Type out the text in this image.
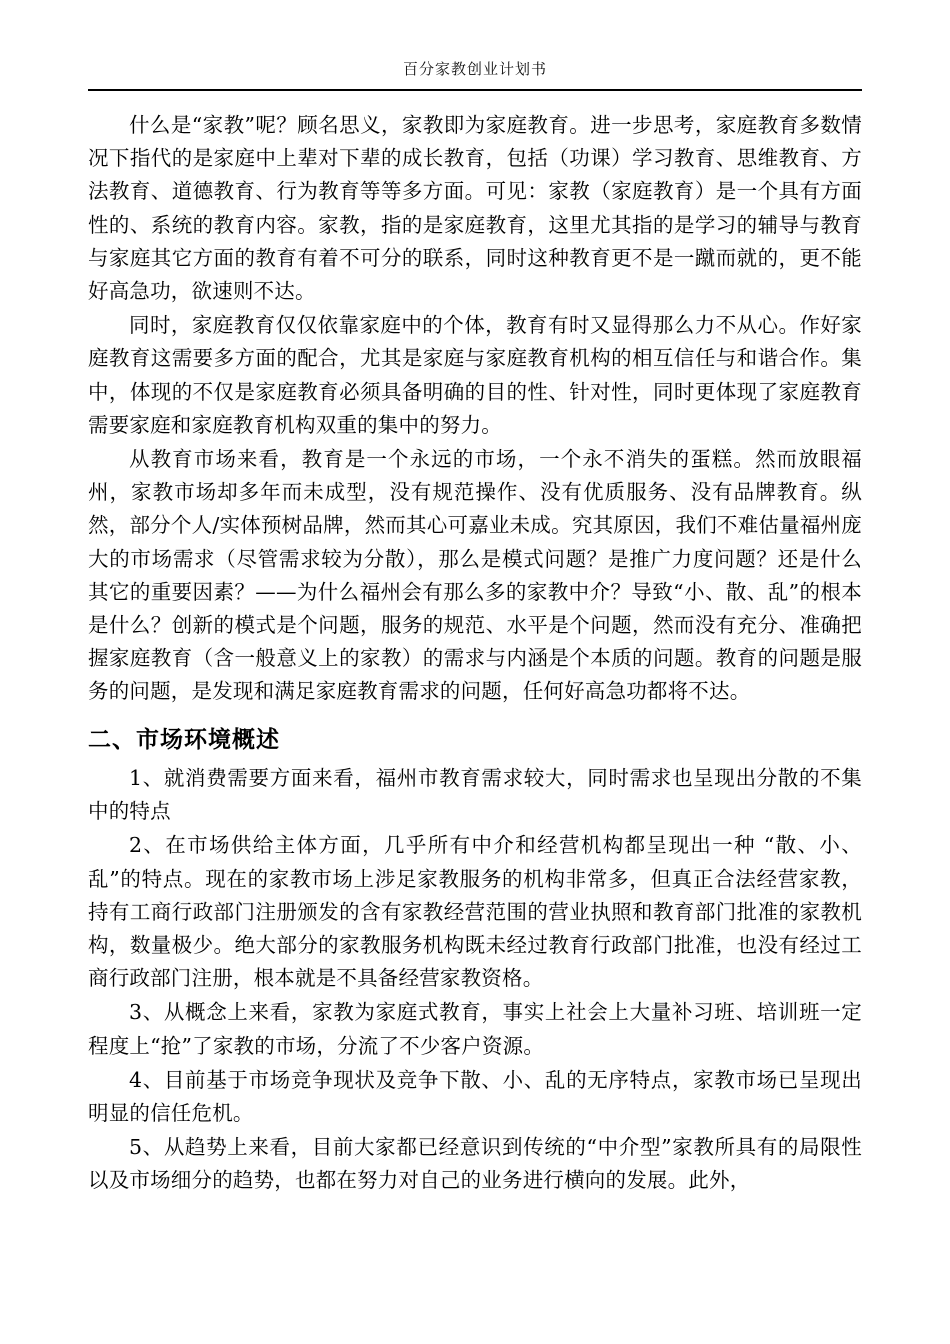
百分家教创业计划书

什么是“家教”呢？顾名思义，家教即为家庭教育。进一步思考，家庭教育多数情况下指代的是家庭中上辈对下辈的成长教育，包括（功课）学习教育、思维教育、方法教育、道德教育、行为教育等等多方面。可见：家教（家庭教育）是一个具有方面性的、系统的教育内容。家教，指的是家庭教育，这里尤其指的是学习的辅导与教育与家庭其它方面的教育有着不可分的联系，同时这种教育更不是一蹴而就的，更不能好高急功，欲速则不达。

同时，家庭教育仅仅依靠家庭中的个体，教育有时又显得那么力不从心。作好家庭教育这需要多方面的配合，尤其是家庭与家庭教育机构的相互信任与和谐合作。集中，体现的不仅是家庭教育必须具备明确的目的性、针对性，同时更体现了家庭教育需要家庭和家庭教育机构双重的集中的努力。

从教育市场来看，教育是一个永远的市场，一个永不消失的蛋糕。然而放眼福州，家教市场却多年而未成型，没有规范操作、没有优质服务、没有品牌教育。纵然，部分个人/实体预树品牌，然而其心可嘉业未成。究其原因，我们不难估量福州庞大的市场需求（尽管需求较为分散），那么是模式问题？是推广力度问题？还是什么其它的重要因素？——为什么福州会有那么多的家教中介？导致“小、散、乱”的根本是什么？创新的模式是个问题，服务的规范、水平是个问题，然而没有充分、准确把握家庭教育（含一般意义上的家教）的需求与内涵是个本质的问题。教育的问题是服务的问题，是发现和满足家庭教育需求的问题，任何好高急功都将不达。

二、市场环境概述

1、就消费需要方面来看，福州市教育需求较大，同时需求也呈现出分散的不集中的特点

2、在市场供给主体方面，几乎所有中介和经营机构都呈现出一种 “散、小、乱”的特点。现在的家教市场上涉足家教服务的机构非常多，但真正合法经营家教，持有工商行政部门注册颁发的含有家教经营范围的营业执照和教育部门批准的家教机构，数量极少。绝大部分的家教服务机构既未经过教育行政部门批准，也没有经过工商行政部门注册，根本就是不具备经营家教资格。

3、从概念上来看，家教为家庭式教育，事实上社会上大量补习班、培训班一定程度上“抢”了家教的市场，分流了不少客户资源。

4、目前基于市场竞争现状及竞争下散、小、乱的无序特点，家教市场已呈现出明显的信任危机。

5、从趋势上来看，目前大家都已经意识到传统的“中介型”家教所具有的局限性以及市场细分的趋势，也都在努力对自己的业务进行横向的发展。此外，
